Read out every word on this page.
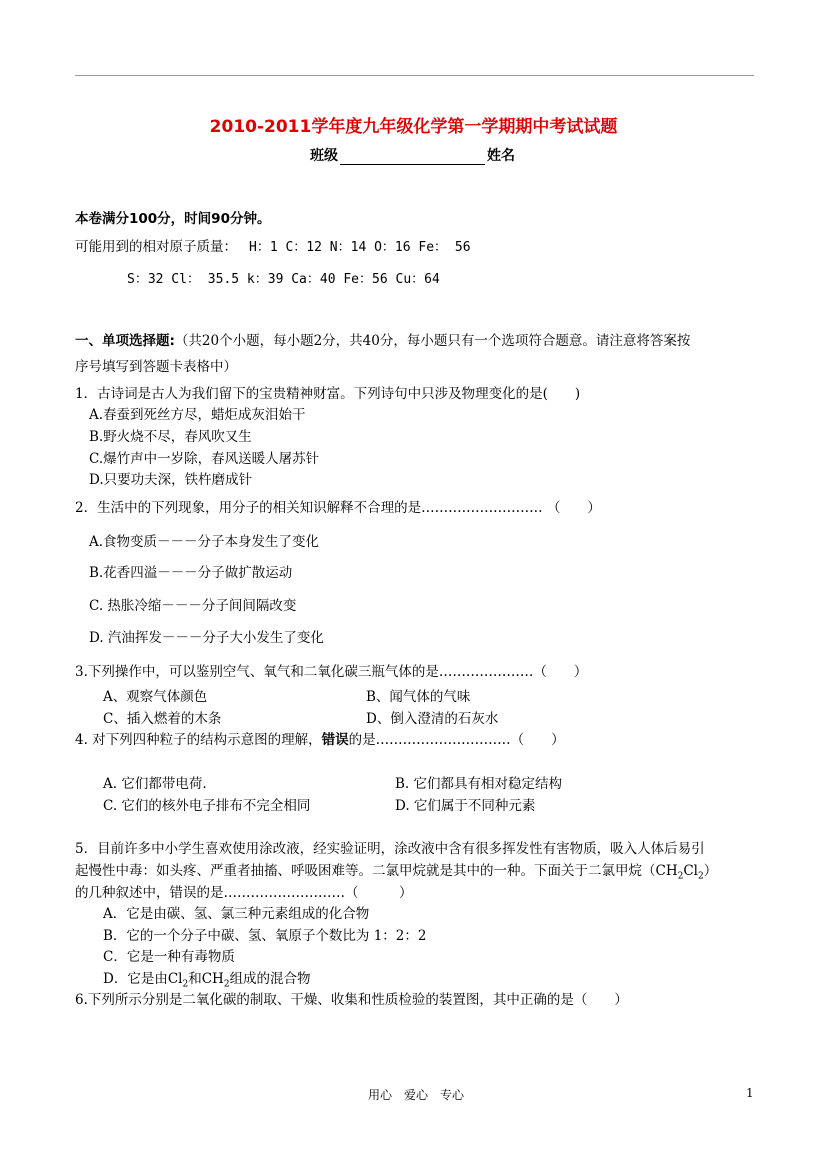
2010-2011学年度九年级化学第一学期期中考试试题
班级	姓名
本卷满分100分，时间90分钟。
可能用到的相对原子质量： H：1 C：12 N：14 O：16 Fe： 56
S：32 Cl： 35.5 k：39 Ca：40 Fe：56 Cu：64
一、单项选择题:（共20个小题，每小题2分，共40分，每小题只有一个选项符合题意。请注意将答案按
序号填写到答题卡表格中）
1．古诗词是古人为我们留下的宝贵精神财富。下列诗句中只涉及物理变化的是(　　)
A.春蚕到死丝方尽，蜡炬成灰泪始干
B.野火烧不尽，春风吹又生
C.爆竹声中一岁除，春风送暖人屠苏针
D.只要功夫深，铁杵磨成针
2．生活中的下列现象，用分子的相关知识解释不合理的是……………………… （　　）
A.食物变质－－－分子本身发生了变化
B.花香四溢－－－分子做扩散运动
C. 热胀冷缩－－－分子间间隔改变
D. 汽油挥发－－－分子大小发生了变化
3.下列操作中，可以鉴别空气、氧气和二氧化碳三瓶气体的是…………………（　　）
A、观察气体颜色	B、闻气体的气味
C、插入燃着的木条	D、倒入澄清的石灰水
4. 对下列四种粒子的结构示意图的理解，错误的是…………………………（　　）
A. 它们都带电荷.	B. 它们都具有相对稳定结构
C. 它们的核外电子排布不完全相同	D. 它们属于不同种元素
5．目前许多中小学生喜欢使用涂改液，经实验证明，涂改液中含有很多挥发性有害物质，吸入人体后易引
起慢性中毒：如头疼、严重者抽搐、呼吸困难等。二氯甲烷就是其中的一种。下面关于二氯甲烷$(CH_2Cl_2)$
的几种叙述中，错误的是………………………（　　　）
A．它是由碳、氢、氯三种元素组成的化合物
B．它的一个分子中碳、氢、氧原子个数比为 1：2：2
C．它是一种有毒物质
D．它是由$Cl_2$和$CH_2$组成的混合物
6.下列所示分别是二氧化碳的制取、干燥、收集和性质检验的装置图，其中正确的是（　　）
用心　爱心　专心	1
